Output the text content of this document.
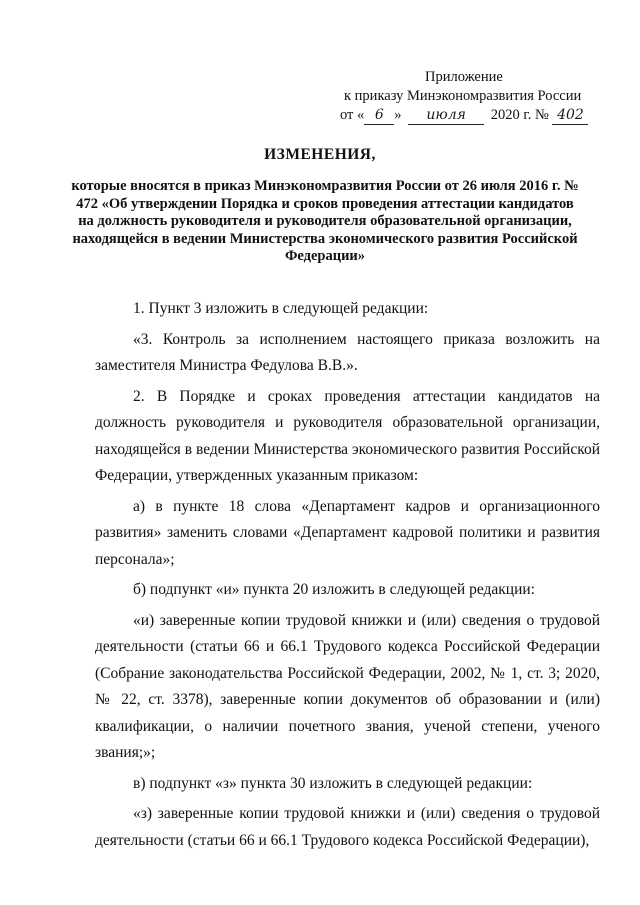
Приложение
к приказу Минэкономразвития России
от « 6 » июля 2020 г. № 402
ИЗМЕНЕНИЯ,
которые вносятся в приказ Минэкономразвития России от 26 июля 2016 г. № 472 «Об утверждении Порядка и сроков проведения аттестации кандидатов на должность руководителя и руководителя образовательной организации, находящейся в ведении Министерства экономического развития Российской Федерации»

1. Пункт 3 изложить в следующей редакции:

«3. Контроль за исполнением настоящего приказа возложить на заместителя Министра Федулова В.В.».

2. В Порядке и сроках проведения аттестации кандидатов на должность руководителя и руководителя образовательной организации, находящейся в ведении Министерства экономического развития Российской Федерации, утвержденных указанным приказом:

а) в пункте 18 слова «Департамент кадров и организационного развития» заменить словами «Департамент кадровой политики и развития персонала»;

б) подпункт «и» пункта 20 изложить в следующей редакции:

«и) заверенные копии трудовой книжки и (или) сведения о трудовой деятельности (статьи 66 и 66.1 Трудового кодекса Российской Федерации (Собрание законодательства Российской Федерации, 2002, № 1, ст. 3; 2020, № 22, ст. 3378), заверенные копии документов об образовании и (или) квалификации, о наличии почетного звания, ученой степени, ученого звания;»;

в) подпункт «з» пункта 30 изложить в следующей редакции:

«з) заверенные копии трудовой книжки и (или) сведения о трудовой деятельности (статьи 66 и 66.1 Трудового кодекса Российской Федерации),
